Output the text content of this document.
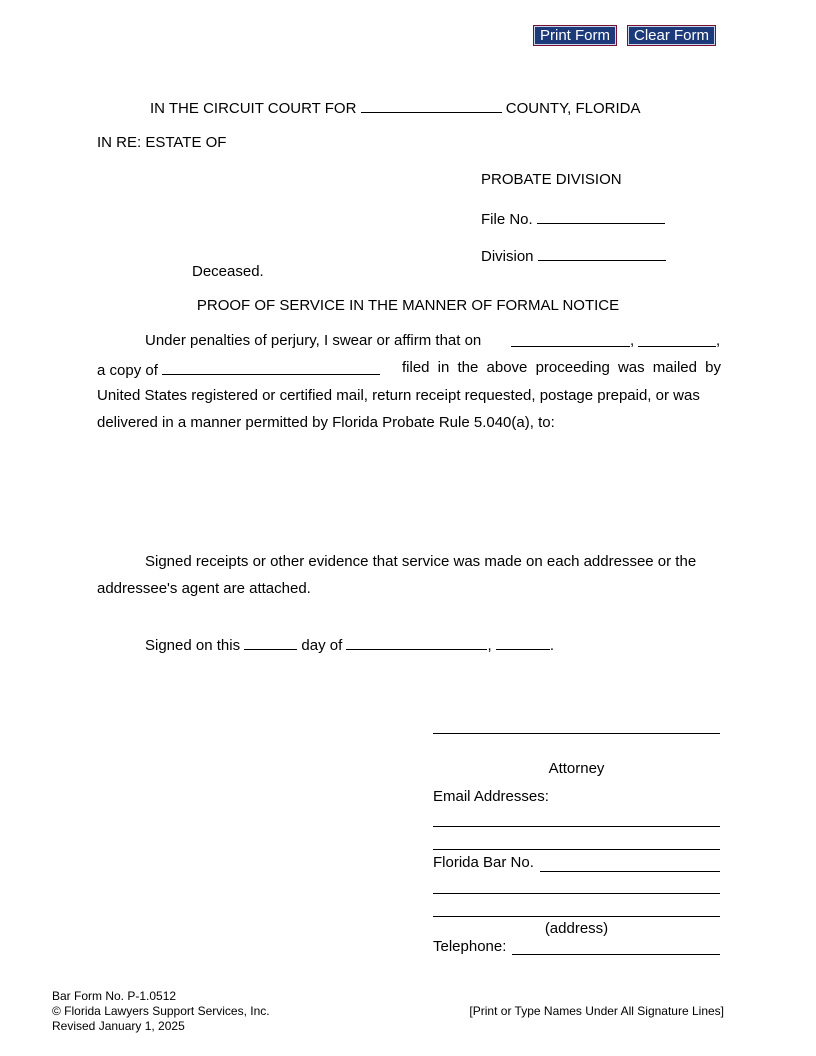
Print Form	Clear Form
IN THE CIRCUIT COURT FOR	COUNTY, FLORIDA
IN RE: ESTATE OF
PROBATE DIVISION
File No.
Division
Deceased.
PROOF OF SERVICE IN THE MANNER OF FORMAL NOTICE
Under penalties of perjury, I swear or affirm that on	,	,
a copy of	filed in the above proceeding was mailed by
United States registered or certified mail, return receipt requested, postage prepaid, or was
delivered in a manner permitted by Florida Probate Rule 5.040(a), to:
Signed receipts or other evidence that service was made on each addressee or the
addressee's agent are attached.
Signed on this	day of	,	.
Attorney
Email Addresses:
Florida Bar No.
(address)
Telephone:
Bar Form No. P-1.0512
© Florida Lawyers Support Services, Inc.
Revised January 1, 2025
[Print or Type Names Under All Signature Lines]
